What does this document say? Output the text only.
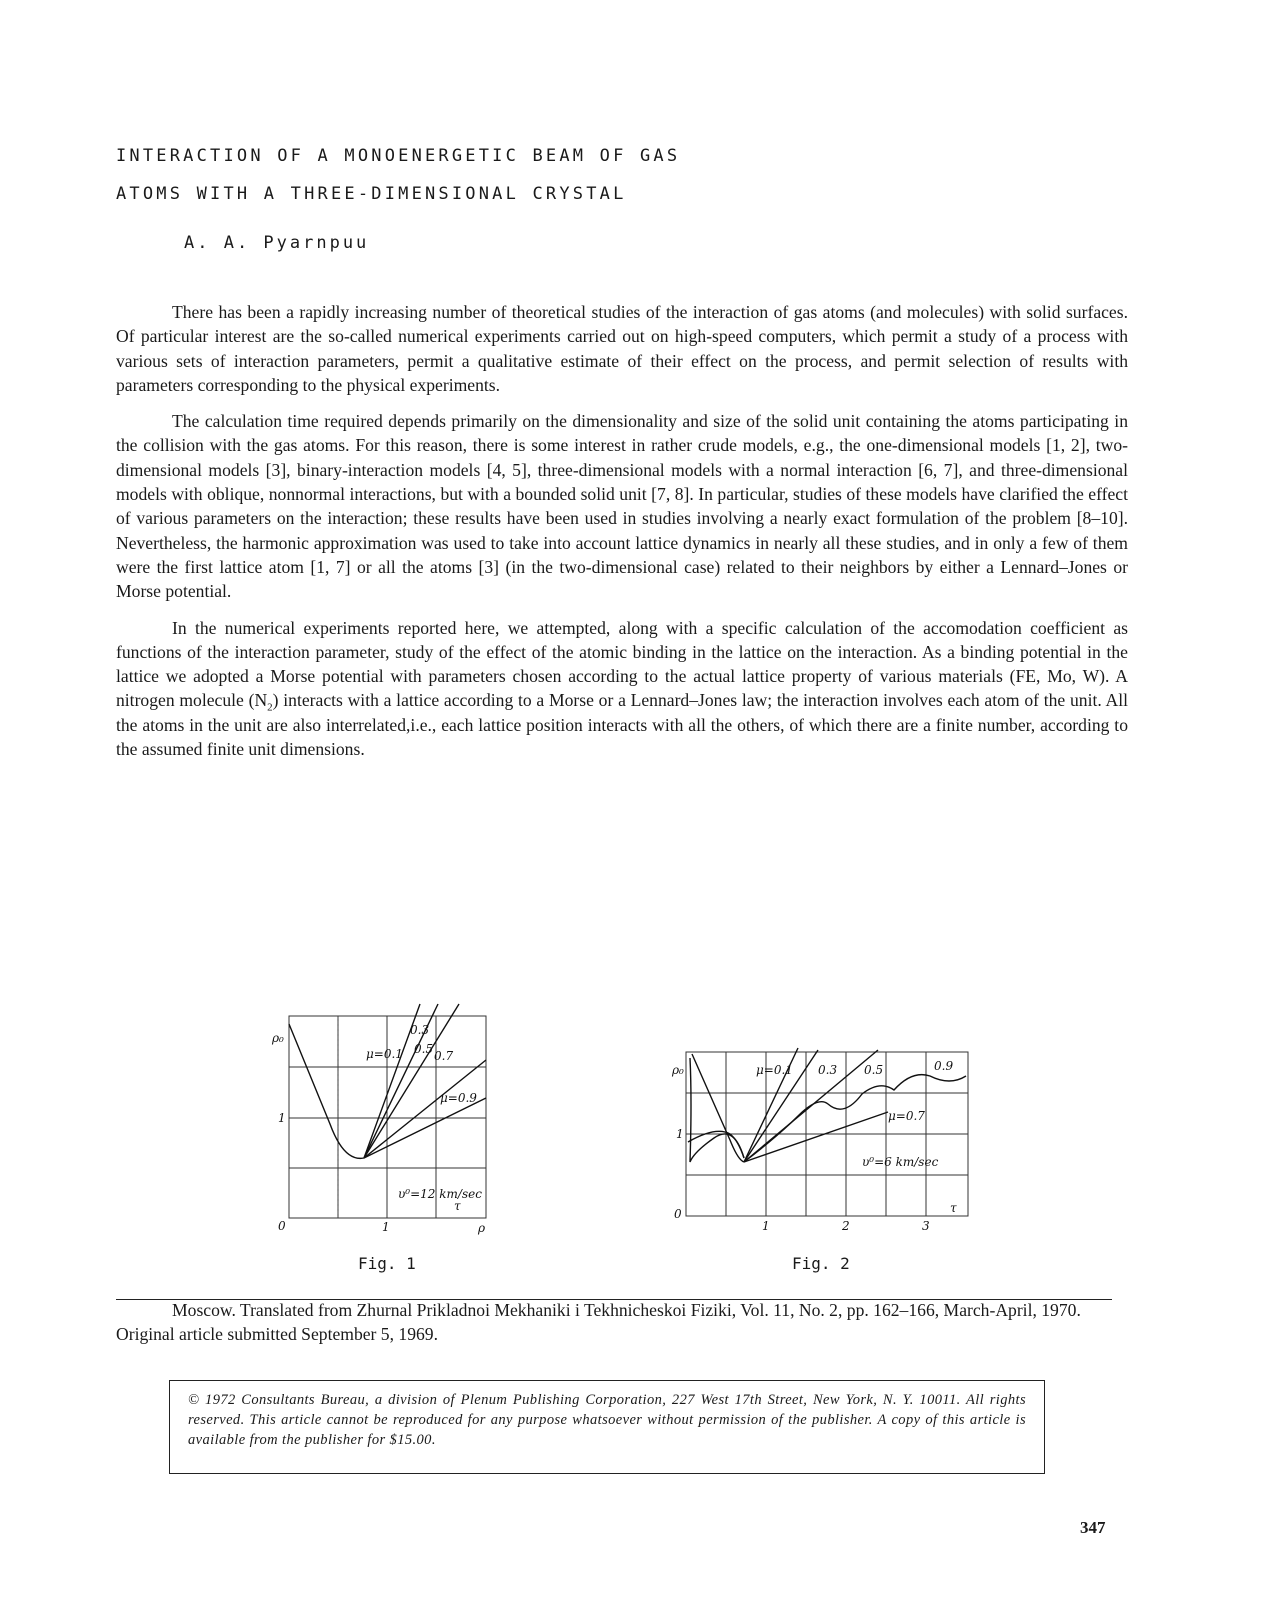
INTERACTION OF A MONOENERGETIC BEAM OF GAS
ATOMS WITH A THREE-DIMENSIONAL CRYSTAL
A. A. Pyarnpuu

There has been a rapidly increasing number of theoretical studies of the interaction of gas atoms (and molecules) with solid surfaces. Of particular interest are the so-called numerical experiments carried out on high-speed computers, which permit a study of a process with various sets of interaction parameters, permit a qualitative estimate of their effect on the process, and permit selection of results with parameters corresponding to the physical experiments.

The calculation time required depends primarily on the dimensionality and size of the solid unit containing the atoms participating in the collision with the gas atoms. For this reason, there is some interest in rather crude models, e.g., the one-dimensional models [1, 2], two-dimensional models [3], binary-interaction models [4, 5], three-dimensional models with a normal interaction [6, 7], and three-dimensional models with oblique, nonnormal interactions, but with a bounded solid unit [7, 8]. In particular, studies of these models have clarified the effect of various parameters on the interaction; these results have been used in studies involving a nearly exact formulation of the problem [8–10]. Nevertheless, the harmonic approximation was used to take into account lattice dynamics in nearly all these studies, and in only a few of them were the first lattice atom [1, 7] or all the atoms [3] (in the two-dimensional case) related to their neighbors by either a Lennard–Jones or Morse potential.

In the numerical experiments reported here, we attempted, along with a specific calculation of the accomodation coefficient as functions of the interaction parameter, study of the effect of the atomic binding in the lattice on the interaction. As a binding potential in the lattice we adopted a Morse potential with parameters chosen according to the actual lattice property of various materials (FE, Mo, W). A nitrogen molecule $(N_2)$ interacts with a lattice according to a Morse or a Lennard–Jones law; the interaction involves each atom of the unit. All the atoms in the unit are also interrelated,i.e., each lattice position interacts with all the others, of which there are a finite number, according to the assumed finite unit dimensions.

ρ₀
1
0	1	ρ
τ
υ⁰=12 km/sec
μ=0.1
0.3
0.5 0.7
μ=0.9
Fig. 1
ρ₀
1
0
1	2	3
τ
υ⁰=6 km/sec
μ=0.1 0.3 0.5	0.9
μ=0.7
Fig. 2
Moscow. Translated from Zhurnal Prikladnoi Mekhaniki i Tekhnicheskoi Fiziki, Vol. 11, No. 2, pp. 162–166, March-April, 1970. Original article submitted September 5, 1969.

© 1972 Consultants Bureau, a division of Plenum Publishing Corporation, 227 West 17th Street, New York, N. Y. 10011. All rights reserved. This article cannot be reproduced for any purpose whatsoever without permission of the publisher. A copy of this article is available from the publisher for $15.00.

347
